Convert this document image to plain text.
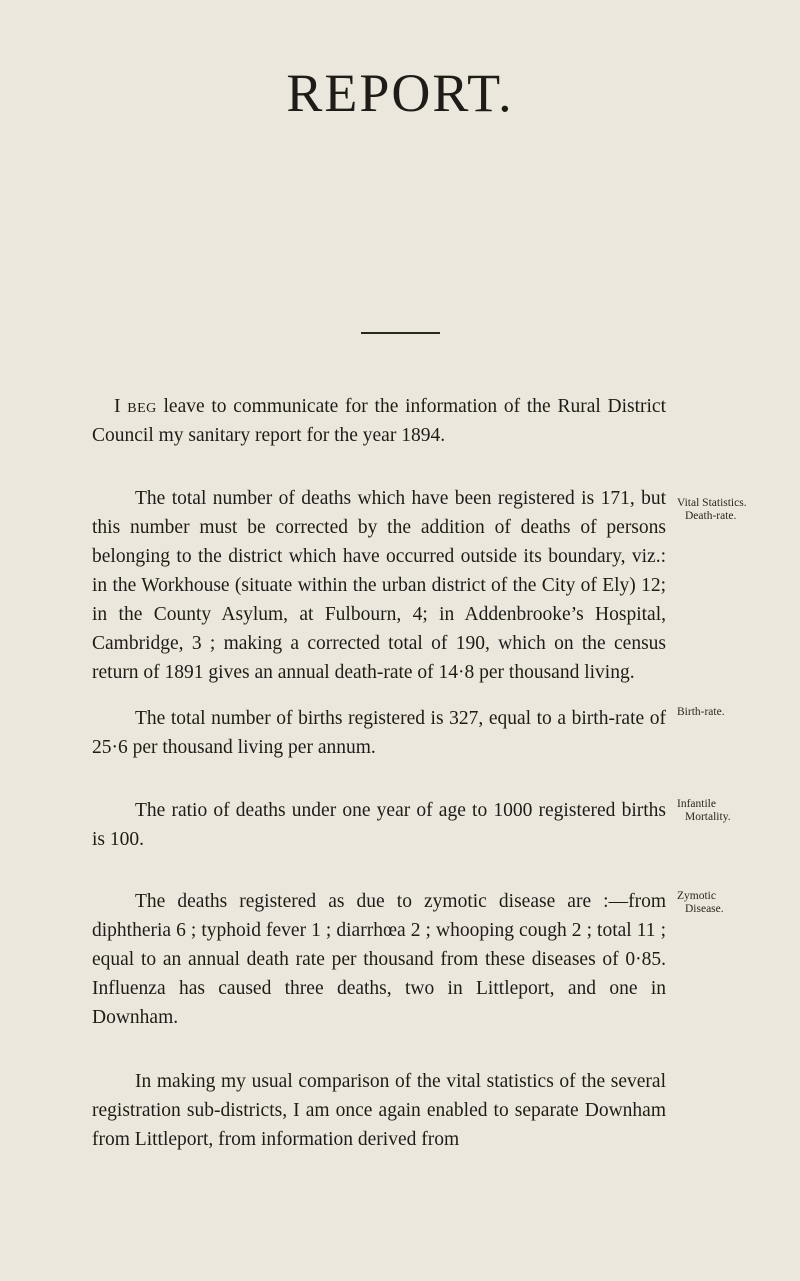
REPORT.

I beg leave to communicate for the information of the Rural District Council my sanitary report for the year 1894.

The total number of deaths which have been registered is 171, but this number must be corrected by the addition of deaths of persons belonging to the district which have occurred outside its boundary, viz.: in the Workhouse (situate within the urban district of the City of Ely) 12; in the County Asylum, at Fulbourn, 4; in Addenbrooke’s Hospital, Cambridge, 3 ; making a corrected total of 190, which on the census return of 1891 gives an annual death-rate of 14·8 per thousand living.

The total number of births registered is 327, equal to a birth-rate of 25·6 per thousand living per annum.

The ratio of deaths under one year of age to 1000 registered births is 100.

The deaths registered as due to zymotic disease are :—from diphtheria 6 ; typhoid fever 1 ; diarrhœa 2 ; whooping cough 2 ; total 11 ; equal to an annual death rate per thousand from these diseases of 0·85. Influenza has caused three deaths, two in Littleport, and one in Downham.

In making my usual comparison of the vital statistics of the several registration sub-districts, I am once again enabled to separate Downham from Littleport, from information derived from

Vital Statistics.
Death-rate.
Birth-rate.
Infantile
Mortality.
Zymotic
Disease.
